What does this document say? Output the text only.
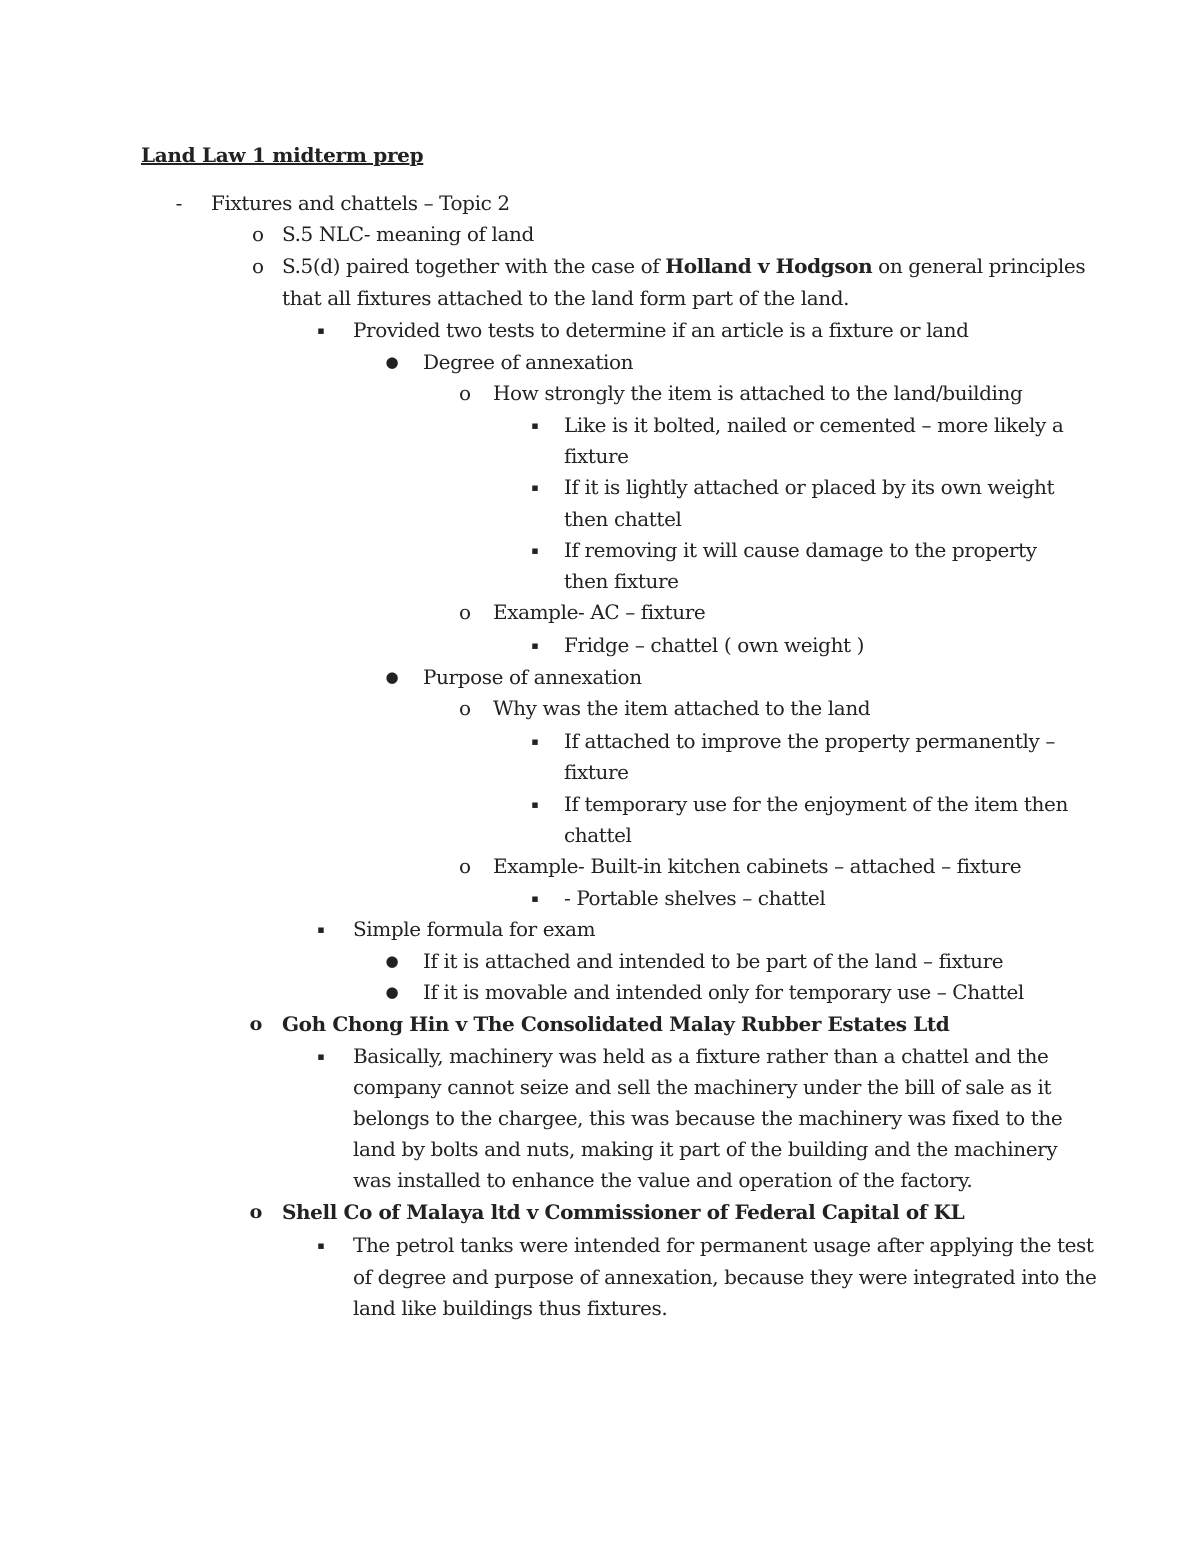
Land Law 1 midterm prep
-	Fixtures and chattels – Topic 2
o S.5 NLC- meaning of land
o S.5(d) paired together with the case of Holland v Hodgson on general principles
that all fixtures attached to the land form part of the land.
▪	Provided two tests to determine if an article is a fixture or land
● Degree of annexation
o How strongly the item is attached to the land/building
▪	Like is it bolted, nailed or cemented – more likely a
fixture
▪	If it is lightly attached or placed by its own weight
then chattel
▪	If removing it will cause damage to the property
then fixture
o Example- AC – fixture
▪	Fridge – chattel ( own weight )
● Purpose of annexation
o Why was the item attached to the land
▪	If attached to improve the property permanently –
fixture
▪	If temporary use for the enjoyment of the item then
chattel
o Example- Built-in kitchen cabinets – attached – fixture
▪	- Portable shelves – chattel
▪	Simple formula for exam
● If it is attached and intended to be part of the land – fixture
● If it is movable and intended only for temporary use – Chattel
o Goh Chong Hin v The Consolidated Malay Rubber Estates Ltd
▪	Basically, machinery was held as a fixture rather than a chattel and the
company cannot seize and sell the machinery under the bill of sale as it
belongs to the chargee, this was because the machinery was fixed to the
land by bolts and nuts, making it part of the building and the machinery
was installed to enhance the value and operation of the factory.
o Shell Co of Malaya ltd v Commissioner of Federal Capital of KL
▪	The petrol tanks were intended for permanent usage after applying the test
of degree and purpose of annexation, because they were integrated into the
land like buildings thus fixtures.
